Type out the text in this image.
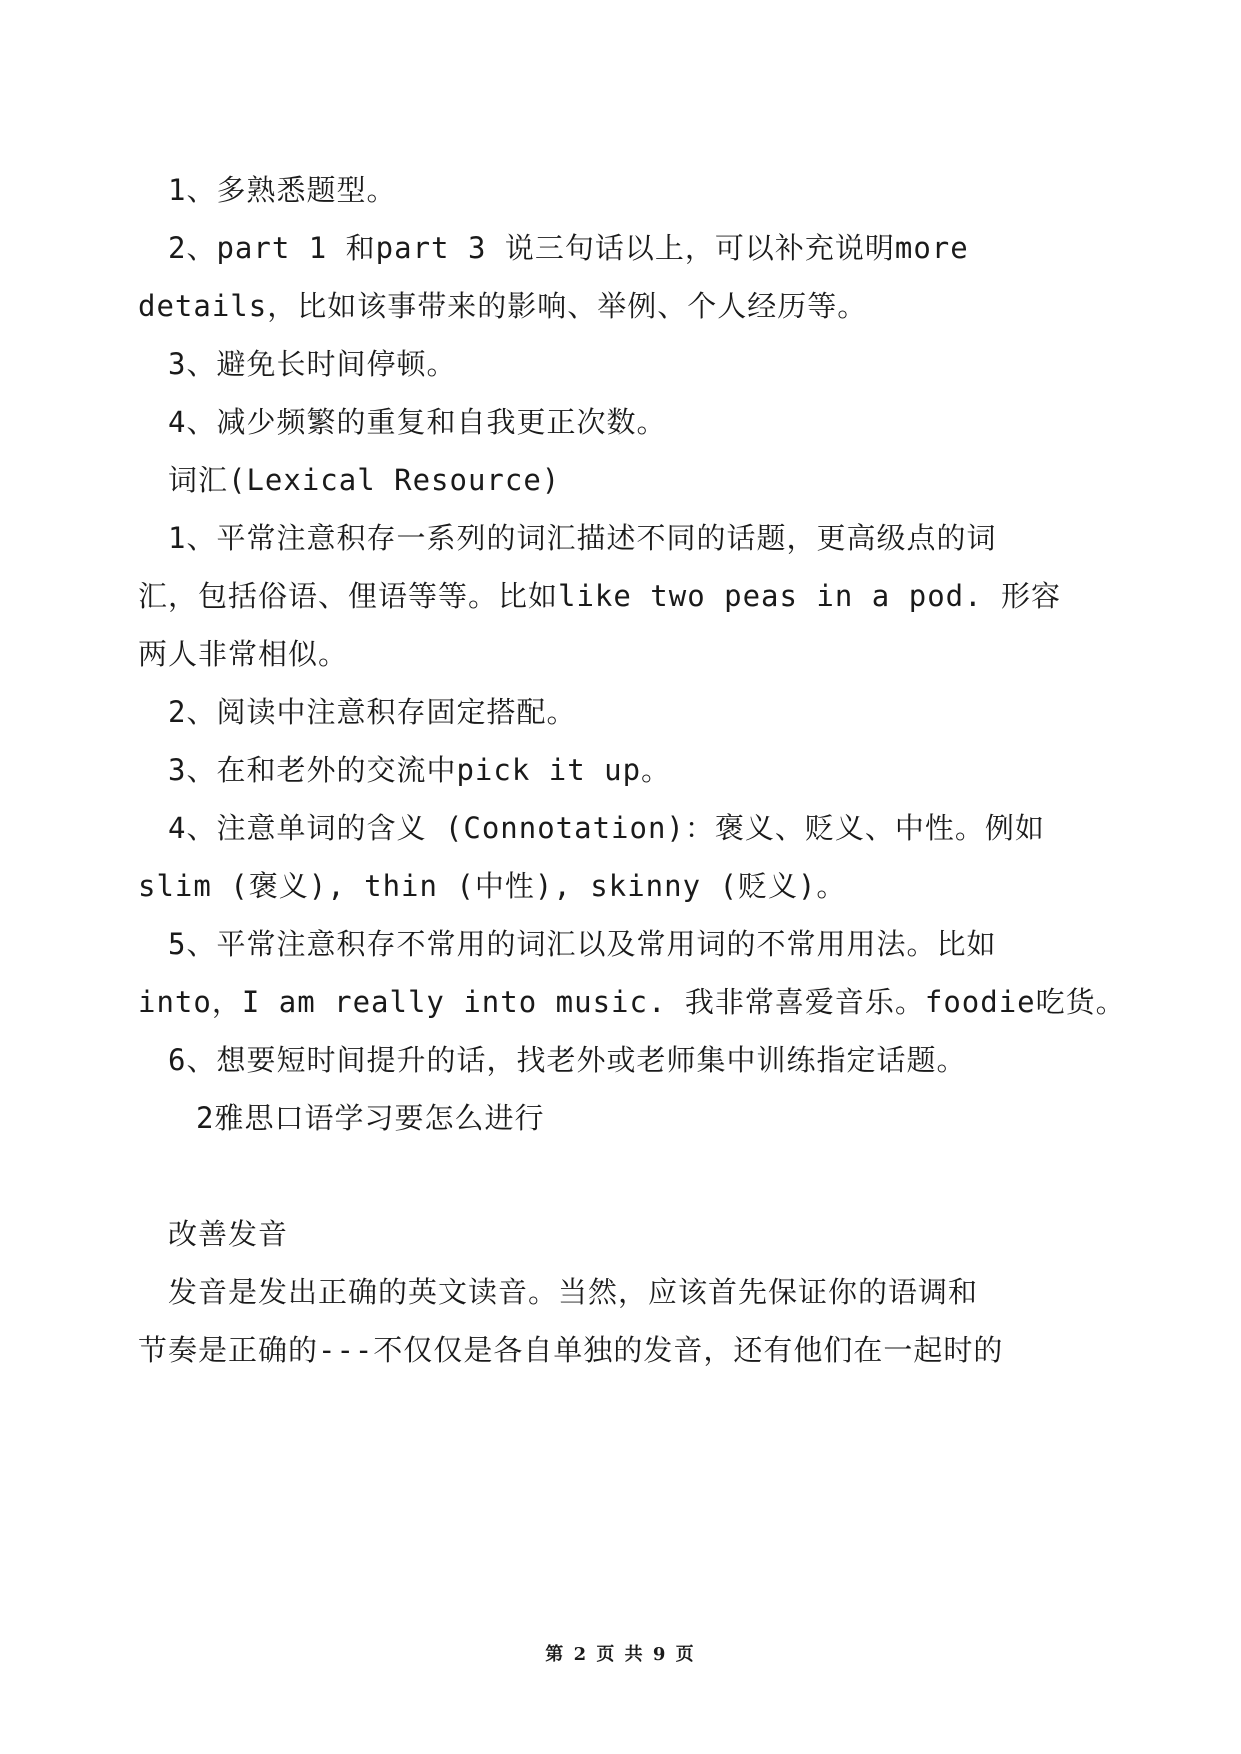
1、多熟悉题型。
2、part 1 和part 3 说三句话以上，可以补充说明more
details，比如该事带来的影响、举例、个人经历等。
3、避免长时间停顿。
4、减少频繁的重复和自我更正次数。
词汇(Lexical Resource)
1、平常注意积存一系列的词汇描述不同的话题，更高级点的词
汇，包括俗语、俚语等等。比如like two peas in a pod. 形容
两人非常相似。
2、阅读中注意积存固定搭配。
3、在和老外的交流中pick it up。
4、注意单词的含义 (Connotation)：褒义、贬义、中性。例如
slim (褒义), thin (中性), skinny (贬义)。
5、平常注意积存不常用的词汇以及常用词的不常用用法。比如
into，I am really into music. 我非常喜爱音乐。foodie吃货。
6、想要短时间提升的话，找老外或老师集中训练指定话题。
2雅思口语学习要怎么进行
改善发音
发音是发出正确的英文读音。当然，应该首先保证你的语调和
节奏是正确的---不仅仅是各自单独的发音，还有他们在一起时的
第 2 页 共 9 页
